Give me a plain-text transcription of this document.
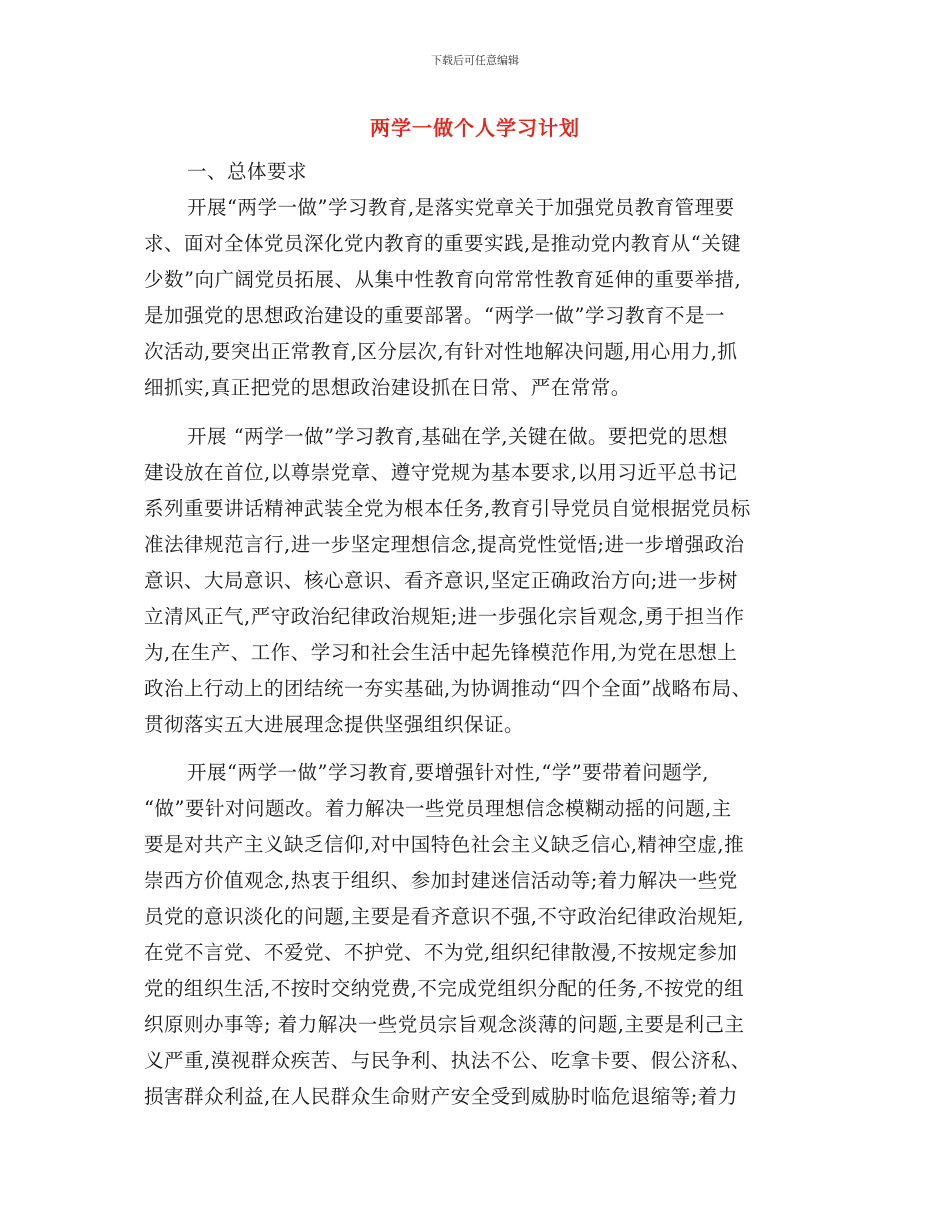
下载后可任意编辑
两学一做个人学习计划
一、总体要求
开展“两学一做”学习教育,是落实党章关于加强党员教育管理要
求、面对全体党员深化党内教育的重要实践,是推动党内教育从“关键
少数”向广阔党员拓展、从集中性教育向常常性教育延伸的重要举措,
是加强党的思想政治建设的重要部署。“两学一做”学习教育不是一
次活动,要突出正常教育,区分层次,有针对性地解决问题,用心用力,抓
细抓实,真正把党的思想政治建设抓在日常、严在常常。
开展 “两学一做”学习教育,基础在学,关键在做。要把党的思想
建设放在首位,以尊崇党章、遵守党规为基本要求,以用习近平总书记
系列重要讲话精神武装全党为根本任务,教育引导党员自觉根据党员标
准法律规范言行,进一步坚定理想信念,提高党性觉悟;进一步增强政治
意识、大局意识、核心意识、看齐意识,坚定正确政治方向;进一步树
立清风正气,严守政治纪律政治规矩;进一步强化宗旨观念,勇于担当作
为,在生产、工作、学习和社会生活中起先锋模范作用,为党在思想上
政治上行动上的团结统一夯实基础,为协调推动“四个全面”战略布局、
贯彻落实五大进展理念提供坚强组织保证。
开展“两学一做”学习教育,要增强针对性,“学”要带着问题学,
“做”要针对问题改。着力解决一些党员理想信念模糊动摇的问题,主
要是对共产主义缺乏信仰,对中国特色社会主义缺乏信心,精神空虚,推
崇西方价值观念,热衷于组织、参加封建迷信活动等;着力解决一些党
员党的意识淡化的问题,主要是看齐意识不强,不守政治纪律政治规矩,
在党不言党、不爱党、不护党、不为党,组织纪律散漫,不按规定参加
党的组织生活,不按时交纳党费,不完成党组织分配的任务,不按党的组
织原则办事等; 着力解决一些党员宗旨观念淡薄的问题,主要是利己主
义严重,漠视群众疾苦、与民争利、执法不公、吃拿卡要、假公济私、
损害群众利益,在人民群众生命财产安全受到威胁时临危退缩等;着力
